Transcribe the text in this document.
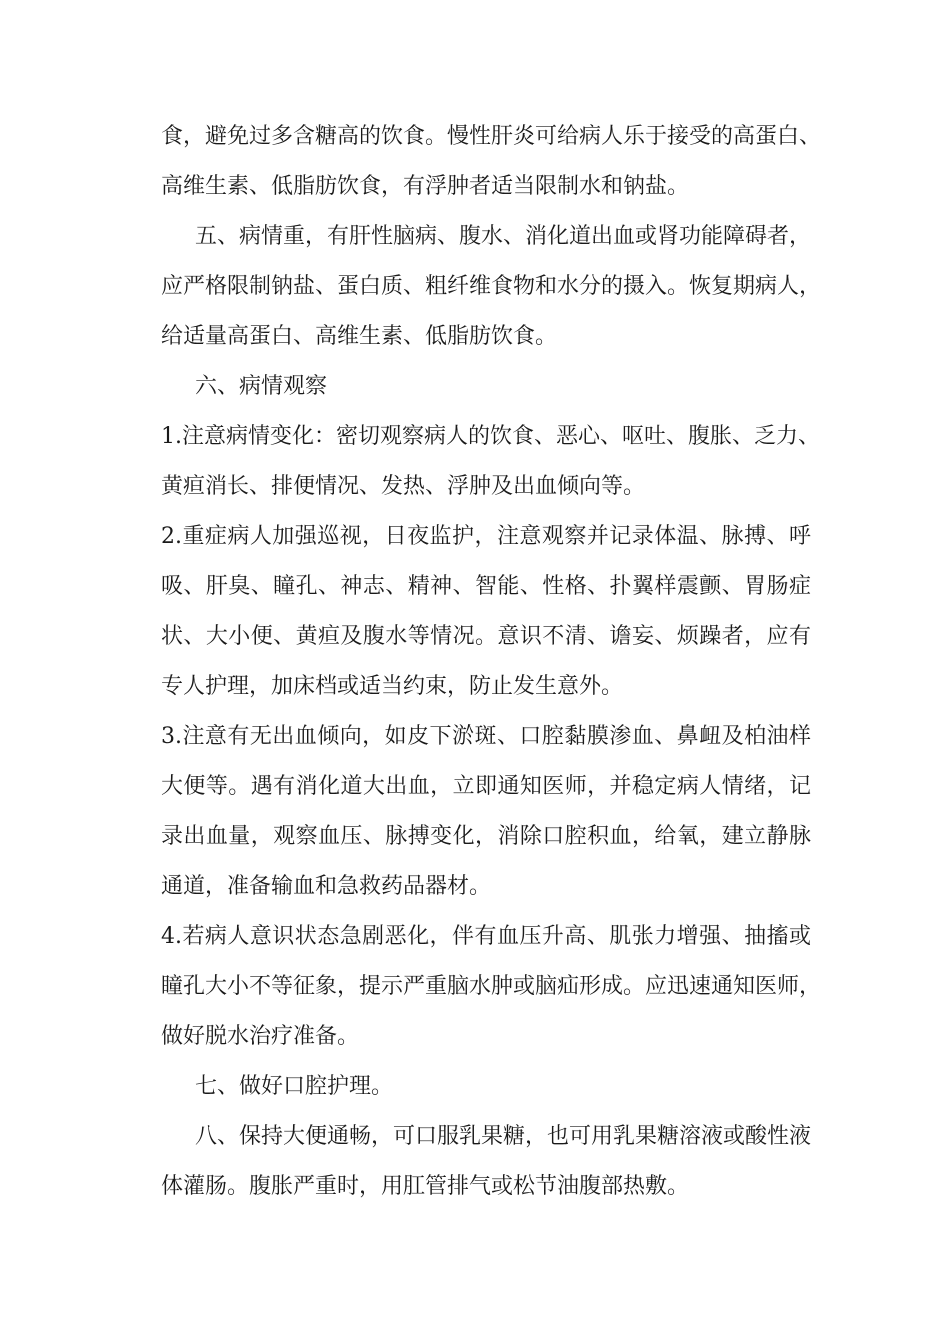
食，避免过多含糖高的饮食。慢性肝炎可给病人乐于接受的高蛋白、
高维生素、低脂肪饮食，有浮肿者适当限制水和钠盐。
五、病情重，有肝性脑病、腹水、消化道出血或肾功能障碍者，
应严格限制钠盐、蛋白质、粗纤维食物和水分的摄入。恢复期病人，
给适量高蛋白、高维生素、低脂肪饮食。
六、病情观察
1.注意病情变化：密切观察病人的饮食、恶心、呕吐、腹胀、乏力、
黄疸消长、排便情况、发热、浮肿及出血倾向等。
2.重症病人加强巡视，日夜监护，注意观察并记录体温、脉搏、呼
吸、肝臭、瞳孔、神志、精神、智能、性格、扑翼样震颤、胃肠症
状、大小便、黄疸及腹水等情况。意识不清、谵妄、烦躁者，应有
专人护理，加床档或适当约束，防止发生意外。
3.注意有无出血倾向，如皮下淤斑、口腔黏膜渗血、鼻衄及柏油样
大便等。遇有消化道大出血，立即通知医师，并稳定病人情绪，记
录出血量，观察血压、脉搏变化，消除口腔积血，给氧，建立静脉
通道，准备输血和急救药品器材。
4.若病人意识状态急剧恶化，伴有血压升高、肌张力增强、抽搐或
瞳孔大小不等征象，提示严重脑水肿或脑疝形成。应迅速通知医师，
做好脱水治疗准备。
七、做好口腔护理。
八、保持大便通畅，可口服乳果糖，也可用乳果糖溶液或酸性液
体灌肠。腹胀严重时，用肛管排气或松节油腹部热敷。
